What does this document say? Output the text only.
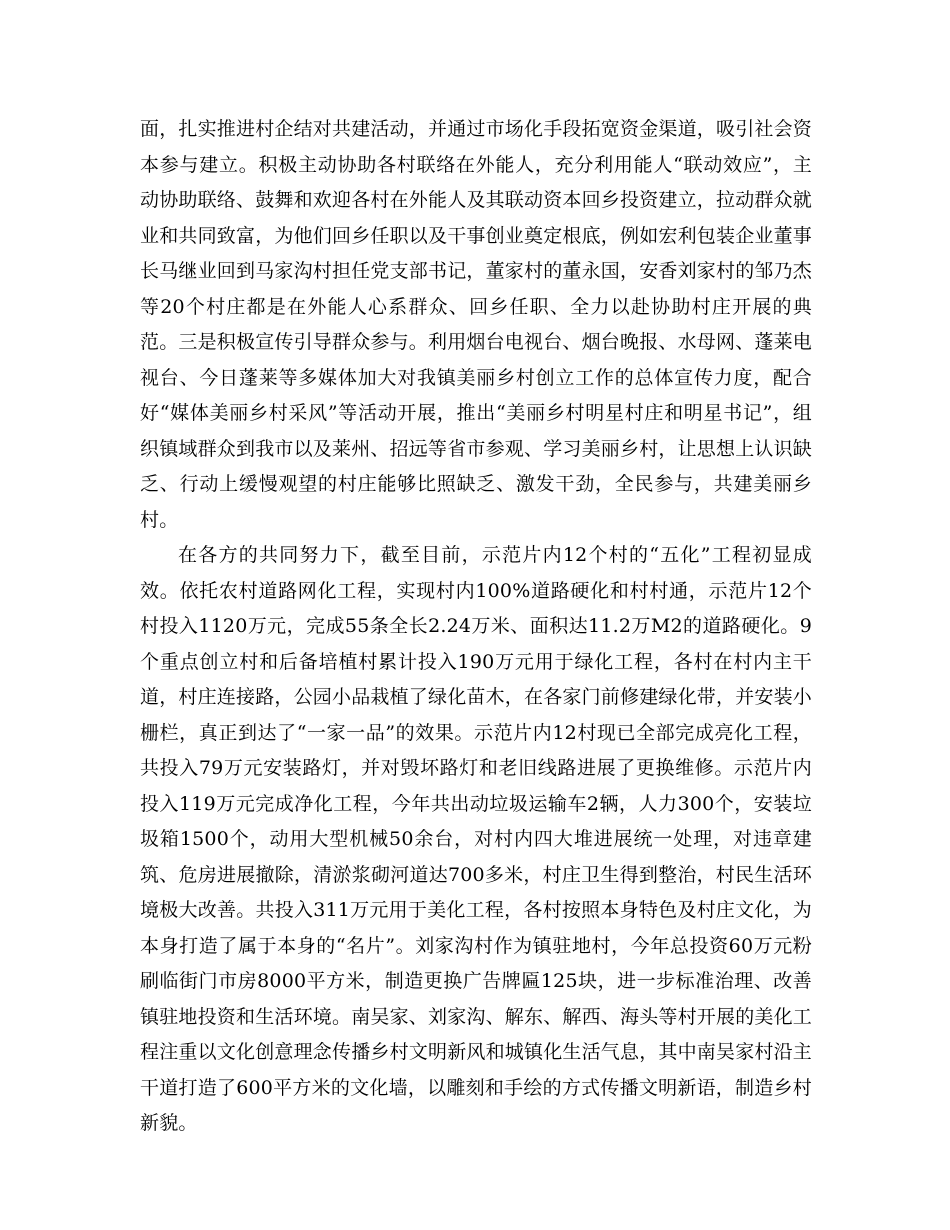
面，扎实推进村企结对共建活动，并通过市场化手段拓宽资金渠道，吸引社会资本参与建立。积极主动协助各村联络在外能人，充分利用能人“联动效应”，主动协助联络、鼓舞和欢迎各村在外能人及其联动资本回乡投资建立，拉动群众就业和共同致富，为他们回乡任职以及干事创业奠定根底，例如宏利包装企业董事长马继业回到马家沟村担任党支部书记，董家村的董永国，安香刘家村的邹乃杰等20个村庄都是在外能人心系群众、回乡任职、全力以赴协助村庄开展的典范。三是积极宣传引导群众参与。利用烟台电视台、烟台晚报、水母网、蓬莱电视台、今日蓬莱等多媒体加大对我镇美丽乡村创立工作的总体宣传力度，配合好“媒体美丽乡村采风”等活动开展，推出“美丽乡村明星村庄和明星书记”，组织镇域群众到我市以及莱州、招远等省市参观、学习美丽乡村，让思想上认识缺乏、行动上缓慢观望的村庄能够比照缺乏、激发干劲，全民参与，共建美丽乡村。

在各方的共同努力下，截至目前，示范片内12个村的“五化”工程初显成效。依托农村道路网化工程，实现村内100%道路硬化和村村通，示范片12个村投入1120万元，完成55条全长2.24万米、面积达11.2万M2的道路硬化。9个重点创立村和后备培植村累计投入190万元用于绿化工程，各村在村内主干道，村庄连接路，公园小品栽植了绿化苗木，在各家门前修建绿化带，并安装小栅栏，真正到达了“一家一品”的效果。示范片内12村现已全部完成亮化工程，共投入79万元安装路灯，并对毁坏路灯和老旧线路进展了更换维修。示范片内投入119万元完成净化工程，今年共出动垃圾运输车2辆，人力300个，安装垃圾箱1500个，动用大型机械50余台，对村内四大堆进展统一处理，对违章建筑、危房进展撤除，清淤浆砌河道达700多米，村庄卫生得到整治，村民生活环境极大改善。共投入311万元用于美化工程，各村按照本身特色及村庄文化，为本身打造了属于本身的“名片”。刘家沟村作为镇驻地村，今年总投资60万元粉刷临街门市房8000平方米，制造更换广告牌匾125块，进一步标准治理、改善镇驻地投资和生活环境。南吴家、刘家沟、解东、解西、海头等村开展的美化工程注重以文化创意理念传播乡村文明新风和城镇化生活气息，其中南吴家村沿主干道打造了600平方米的文化墙，以雕刻和手绘的方式传播文明新语，制造乡村新貌。
